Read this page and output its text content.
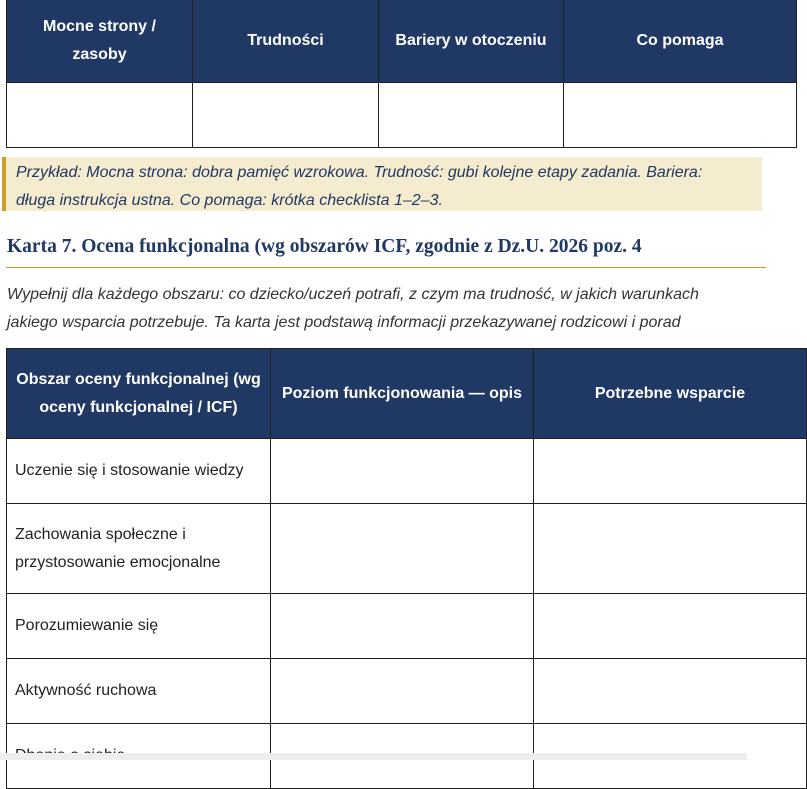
Mocne strony / zasoby	Trudności	Bariery w otoczeniu	Co pomaga

Przykład: Mocna strona: dobra pamięć wzrokowa. Trudność: gubi kolejne etapy zadania. Bariera:
długa instrukcja ustna. Co pomaga: krótka checklista 1–2–3.
Karta 7. Ocena funkcjonalna (wg obszarów ICF, zgodnie z Dz.U. 2026 poz. 4
Wypełnij dla każdego obszaru: co dziecko/uczeń potrafi, z czym ma trudność, w jakich warunkach
jakiego wsparcia potrzebuje. Ta karta jest podstawą informacji przekazywanej rodzicowi i porad
Obszar oceny funkcjonalnej (wg oceny funkcjonalnej / ICF)	Poziom funkcjonowania — opis	Potrzebne wsparcie
Uczenie się i stosowanie wiedzy		
Zachowania społeczne i przystosowanie emocjonalne		
Porozumiewanie się		
Aktywność ruchowa		
